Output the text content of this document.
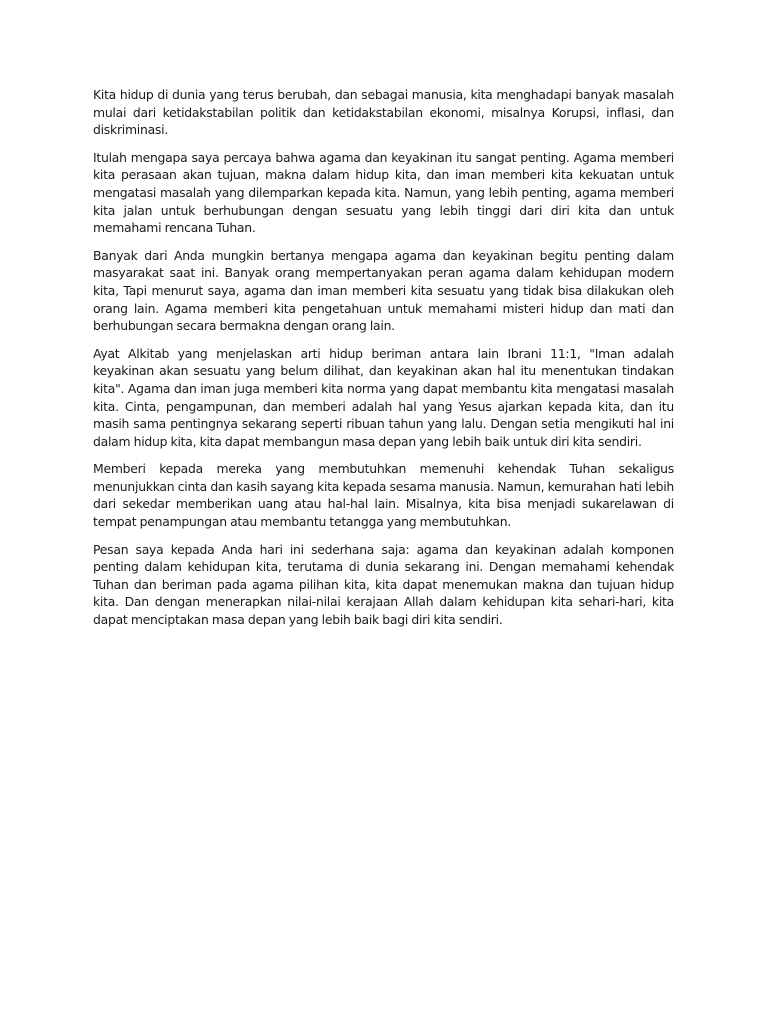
Kita hidup di dunia yang terus berubah, dan sebagai manusia, kita menghadapi banyak masalah mulai dari ketidakstabilan politik dan ketidakstabilan ekonomi, misalnya Korupsi, inflasi, dan diskriminasi.

Itulah mengapa saya percaya bahwa agama dan keyakinan itu sangat penting. Agama memberi kita perasaan akan tujuan, makna dalam hidup kita, dan iman memberi kita kekuatan untuk mengatasi masalah yang dilemparkan kepada kita. Namun, yang lebih penting, agama memberi kita jalan untuk berhubungan dengan sesuatu yang lebih tinggi dari diri kita dan untuk memahami rencana Tuhan.

Banyak dari Anda mungkin bertanya mengapa agama dan keyakinan begitu penting dalam masyarakat saat ini. Banyak orang mempertanyakan peran agama dalam kehidupan modern kita, Tapi menurut saya, agama dan iman memberi kita sesuatu yang tidak bisa dilakukan oleh orang lain. Agama memberi kita pengetahuan untuk memahami misteri hidup dan mati dan berhubungan secara bermakna dengan orang lain.

Ayat Alkitab yang menjelaskan arti hidup beriman antara lain Ibrani 11:1, "Iman adalah keyakinan akan sesuatu yang belum dilihat, dan keyakinan akan hal itu menentukan tindakan kita". Agama dan iman juga memberi kita norma yang dapat membantu kita mengatasi masalah kita. Cinta, pengampunan, dan memberi adalah hal yang Yesus ajarkan kepada kita, dan itu masih sama pentingnya sekarang seperti ribuan tahun yang lalu. Dengan setia mengikuti hal ini dalam hidup kita, kita dapat membangun masa depan yang lebih baik untuk diri kita sendiri.

Memberi kepada mereka yang membutuhkan memenuhi kehendak Tuhan sekaligus menunjukkan cinta dan kasih sayang kita kepada sesama manusia. Namun, kemurahan hati lebih dari sekedar memberikan uang atau hal-hal lain. Misalnya, kita bisa menjadi sukarelawan di tempat penampungan atau membantu tetangga yang membutuhkan.

Pesan saya kepada Anda hari ini sederhana saja: agama dan keyakinan adalah komponen penting dalam kehidupan kita, terutama di dunia sekarang ini. Dengan memahami kehendak Tuhan dan beriman pada agama pilihan kita, kita dapat menemukan makna dan tujuan hidup kita. Dan dengan menerapkan nilai-nilai kerajaan Allah dalam kehidupan kita sehari-hari, kita dapat menciptakan masa depan yang lebih baik bagi diri kita sendiri.
